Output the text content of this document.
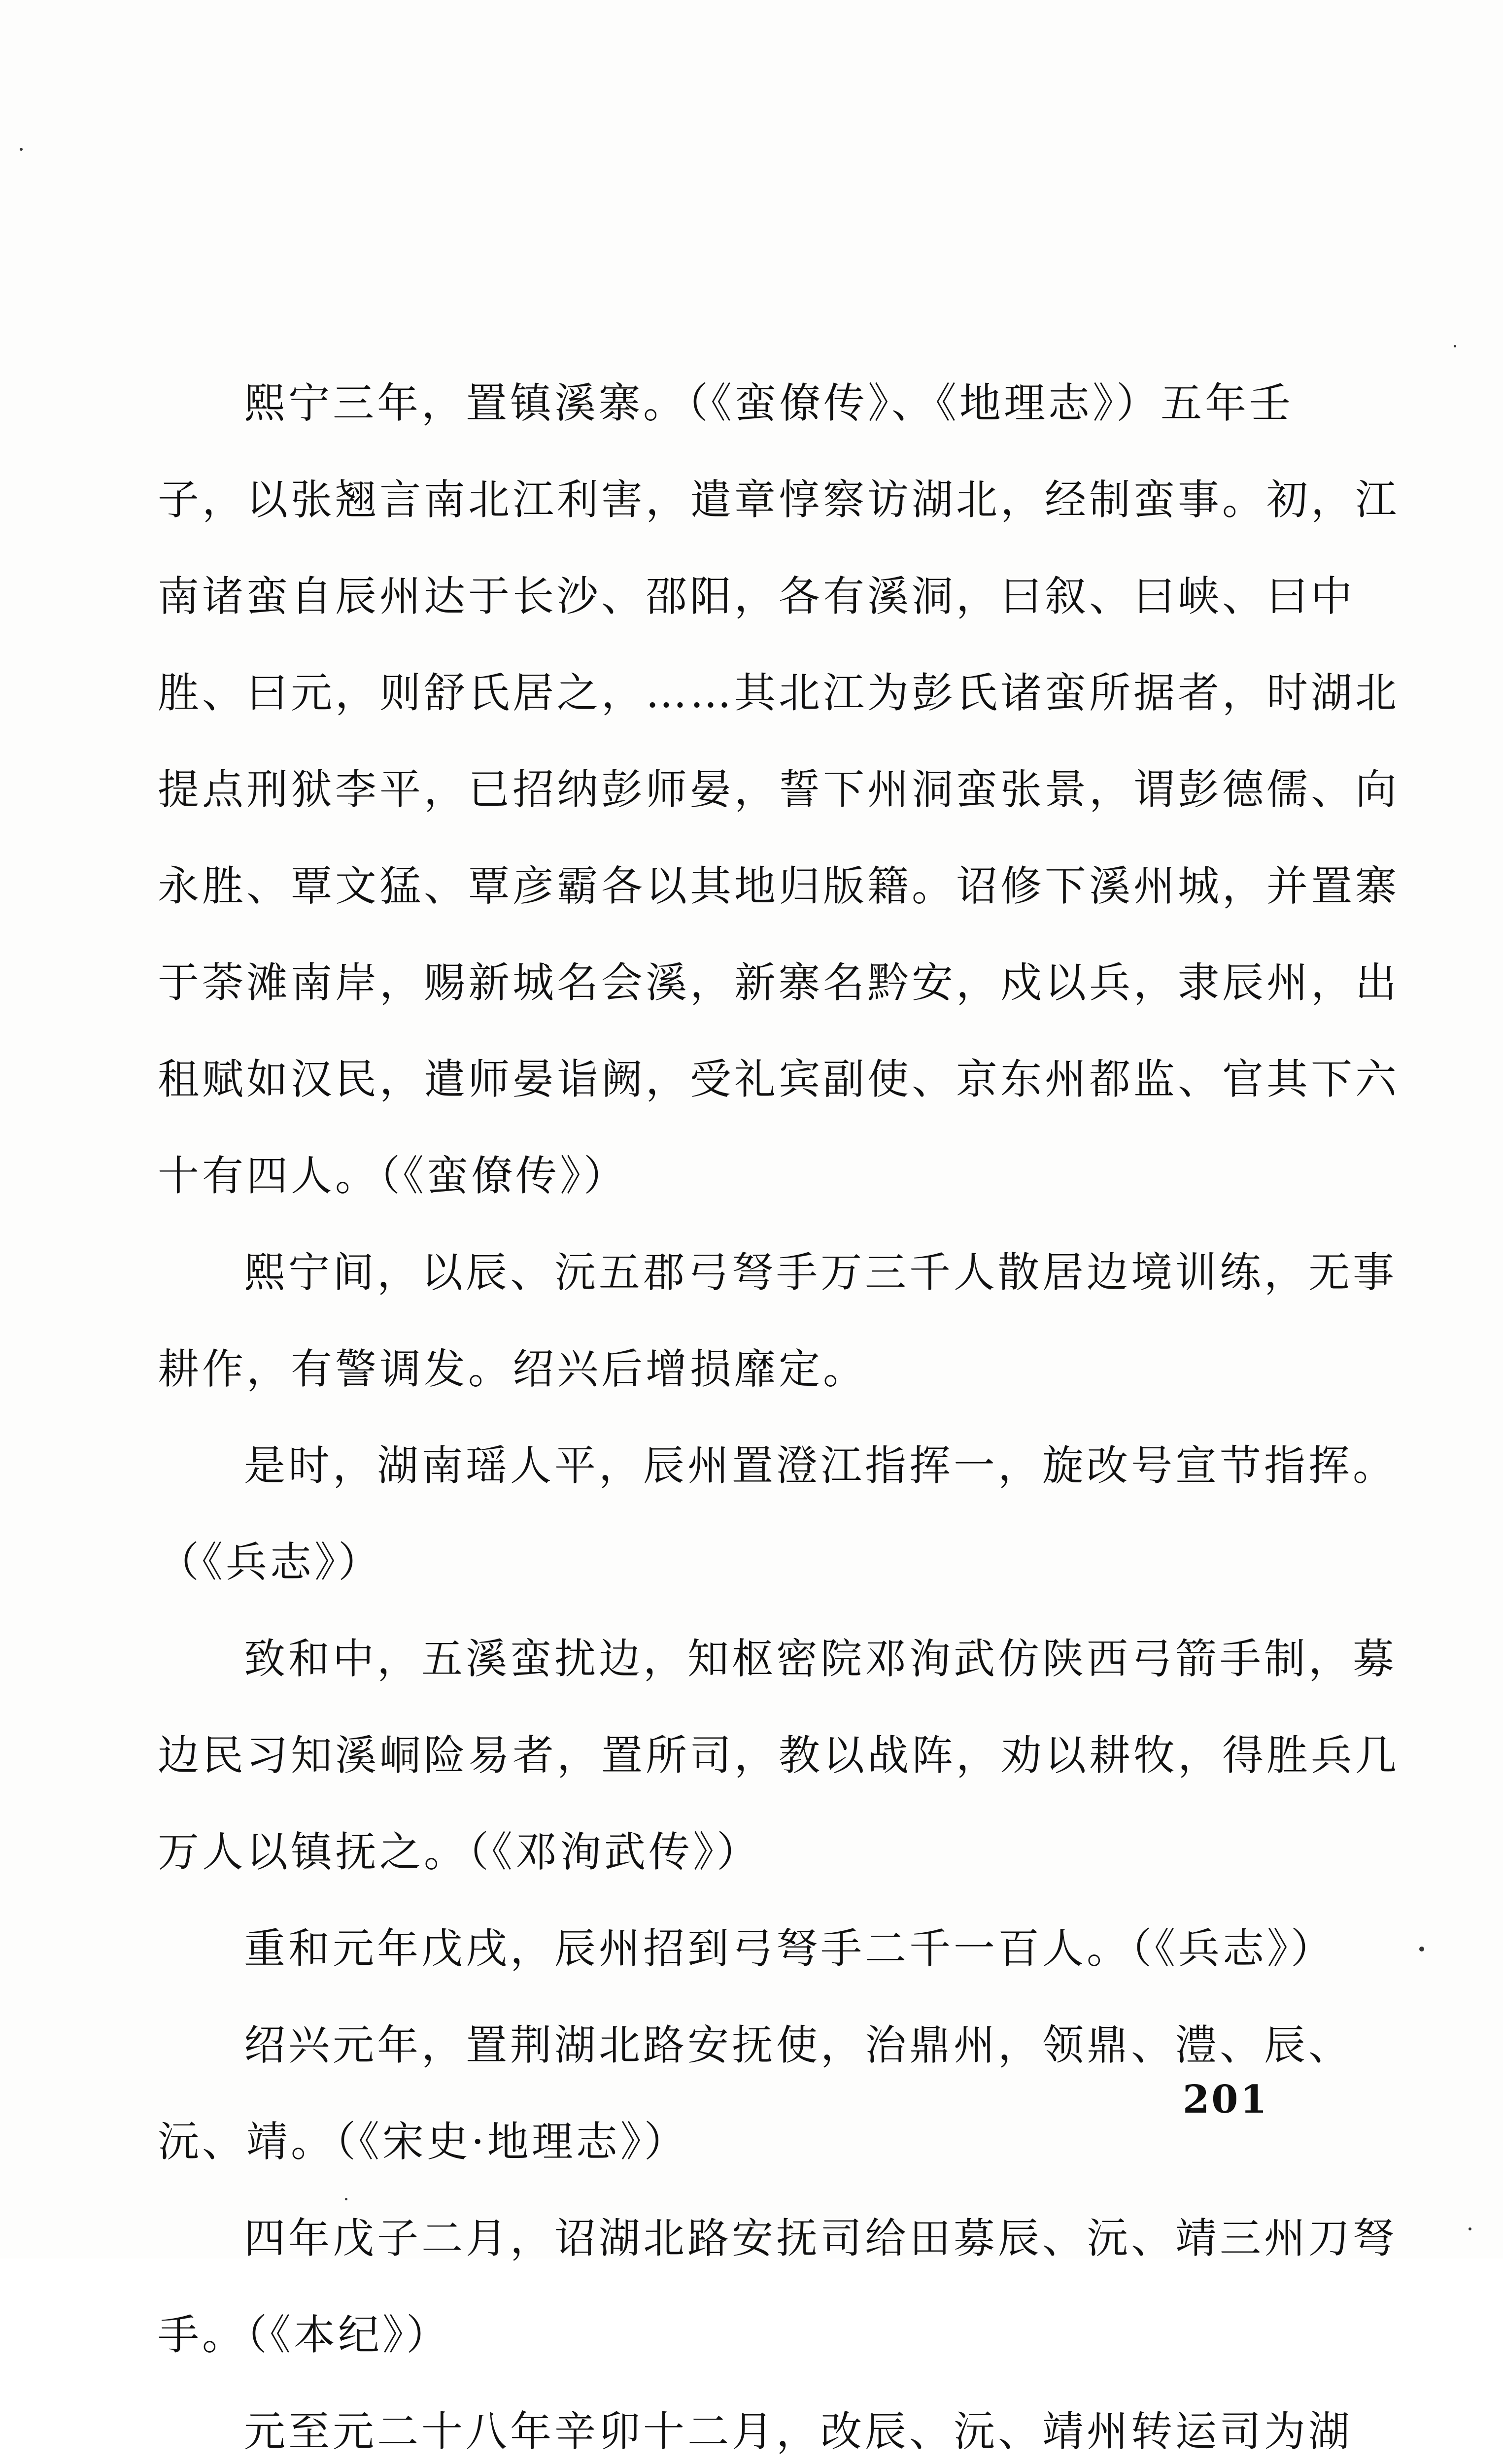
熙宁三年，置镇溪寨。（《蛮僚传》、《地理志》）五年壬
子，以张翘言南北江利害，遣章惇察访湖北，经制蛮事。初，江
南诸蛮自辰州达于长沙、邵阳，各有溪洞，曰叙、曰峡、曰中
胜、曰元，则舒氏居之，……其北江为彭氏诸蛮所据者，时湖北
提点刑狱李平，已招纳彭师晏，誓下州洞蛮张景，谓彭德儒、向
永胜、覃文猛、覃彦霸各以其地归版籍。诏修下溪州城，并置寨
于荼滩南岸，赐新城名会溪，新寨名黔安，戍以兵，隶辰州，出
租赋如汉民，遣师晏诣阙，受礼宾副使、京东州都监、官其下六
十有四人。（《蛮僚传》）
熙宁间，以辰、沅五郡弓弩手万三千人散居边境训练，无事
耕作，有警调发。绍兴后增损靡定。
是时，湖南瑶人平，辰州置澄江指挥一，旋改号宣节指挥。
（《兵志》）
致和中，五溪蛮扰边，知枢密院邓洵武仿陕西弓箭手制，募
边民习知溪峒险易者，置所司，教以战阵，劝以耕牧，得胜兵几
万人以镇抚之。（《邓洵武传》）
重和元年戊戌，辰州招到弓弩手二千一百人。（《兵志》）
绍兴元年，置荆湖北路安抚使，治鼎州，领鼎、澧、辰、
沅、靖。（《宋史·地理志》）
四年戊子二月，诏湖北路安抚司给田募辰、沅、靖三州刀弩
手。（《本纪》）
元至元二十八年辛卯十二月，改辰、沅、靖州转运司为湖
201
